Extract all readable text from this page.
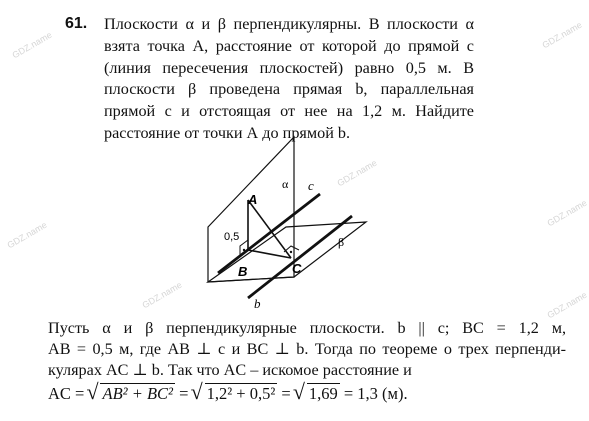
61. Плоскости α и β перпендикулярны. В плоскости α
взята точка А, расстояние от которой до прямой c
(линия пересечения плоскостей) равно 0,5 м. В
плоскости β проведена прямая b, параллельная
прямой c и отстоящая от нее на 1,2 м. Найдите
расстояние от точки А до прямой b.
α c
β
b
A
B	C
0,5
Пусть α и β перпендикулярные плоскости. b || c; BC = 1,2 м,
AB = 0,5 м, где AB ⊥ c и BC ⊥ b. Тогда по теореме о трех перпенди-
кулярах AC ⊥ b. Так что AC – искомое расстояние и
AC = √ AB² + BC² = √ 1,2² + 0,5² = √ 1,69 = 1,3 (м).
GDZ.name
GDZ.name
GDZ.name
GDZ.name
GDZ.name
GDZ.name	GDZ.name
